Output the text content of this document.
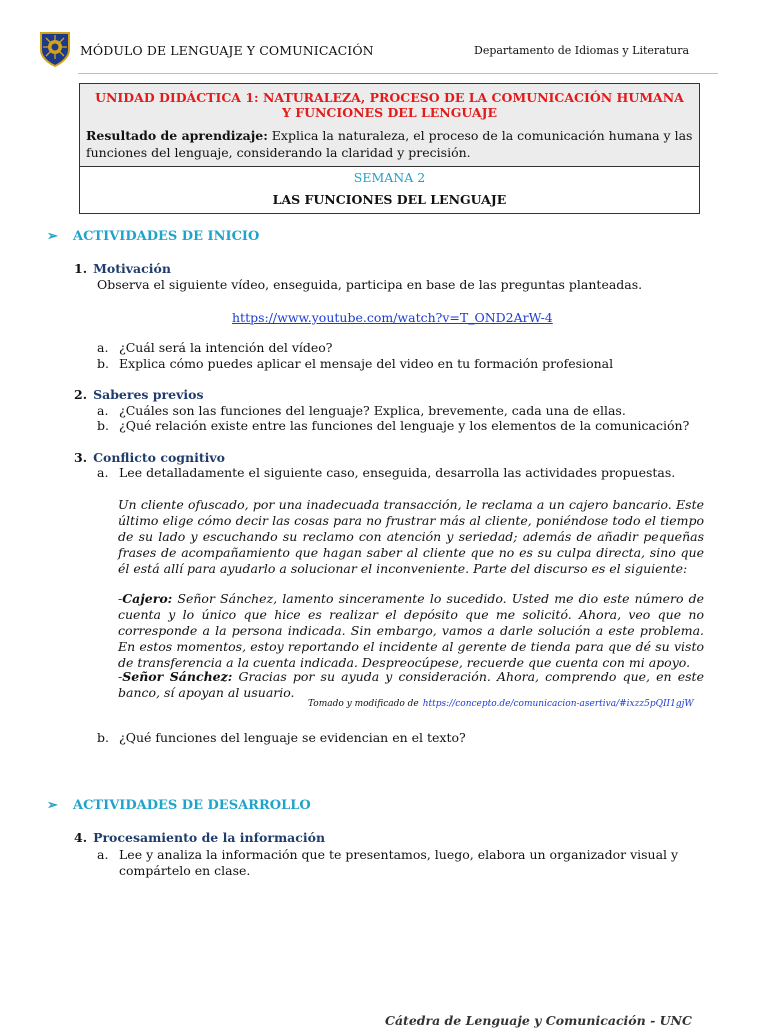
MÓDULO DE LENGUAJE Y COMUNICACIÓN	Departamento de Idiomas y Literatura
UNIDAD DIDÁCTICA 1: NATURALEZA, PROCESO DE LA COMUNICACIÓN HUMANA
Y FUNCIONES DEL LENGUAJE
Resultado de aprendizaje: Explica la naturaleza, el proceso de la comunicación humana y las funciones del lenguaje, considerando la claridad y precisión.
SEMANA 2
LAS FUNCIONES DEL LENGUAJE
➢ ACTIVIDADES DE INICIO
1. Motivación
Observa el siguiente vídeo, enseguida, participa en base de las preguntas planteadas.
https://www.youtube.com/watch?v=T_OND2ArW-4
a. ¿Cuál será la intención del vídeo?
b. Explica cómo puedes aplicar el mensaje del video en tu formación profesional
2. Saberes previos
a. ¿Cuáles son las funciones del lenguaje? Explica, brevemente, cada una de ellas.
b. ¿Qué relación existe entre las funciones del lenguaje y los elementos de la comunicación?
3. Conflicto cognitivo
a. Lee detalladamente el siguiente caso, enseguida, desarrolla las actividades propuestas.
Un cliente ofuscado, por una inadecuada transacción, le reclama a un cajero bancario. Este último elige cómo decir las cosas para no frustrar más al cliente, poniéndose todo el tiempo de su lado y escuchando su reclamo con atención y seriedad; además de añadir pequeñas frases de acompañamiento que hagan saber al cliente que no es su culpa directa, sino que él está allí para ayudarlo a solucionar el inconveniente. Parte del discurso es el siguiente:
-Cajero: Señor Sánchez, lamento sinceramente lo sucedido. Usted me dio este número de cuenta y lo único que hice es realizar el depósito que me solicitó. Ahora, veo que no corresponde a la persona indicada. Sin embargo, vamos a darle solución a este problema. En estos momentos, estoy reportando el incidente al gerente de tienda para que dé su visto de transferencia a la cuenta indicada. Despreocúpese, recuerde que cuenta con mi apoyo.
-Señor Sánchez: Gracias por su ayuda y consideración. Ahora, comprendo que, en este banco, sí apoyan al usuario.
Tomado y modificado de https://concepto.de/comunicacion-asertiva/#ixzz5pQII1gjW
b. ¿Qué funciones del lenguaje se evidencian en el texto?
➢ ACTIVIDADES DE DESARROLLO
4. Procesamiento de la información
a. Lee y analiza la información que te presentamos, luego, elabora un organizador visual y compártelo en clase.
Cátedra de Lenguaje y Comunicación - UNC
